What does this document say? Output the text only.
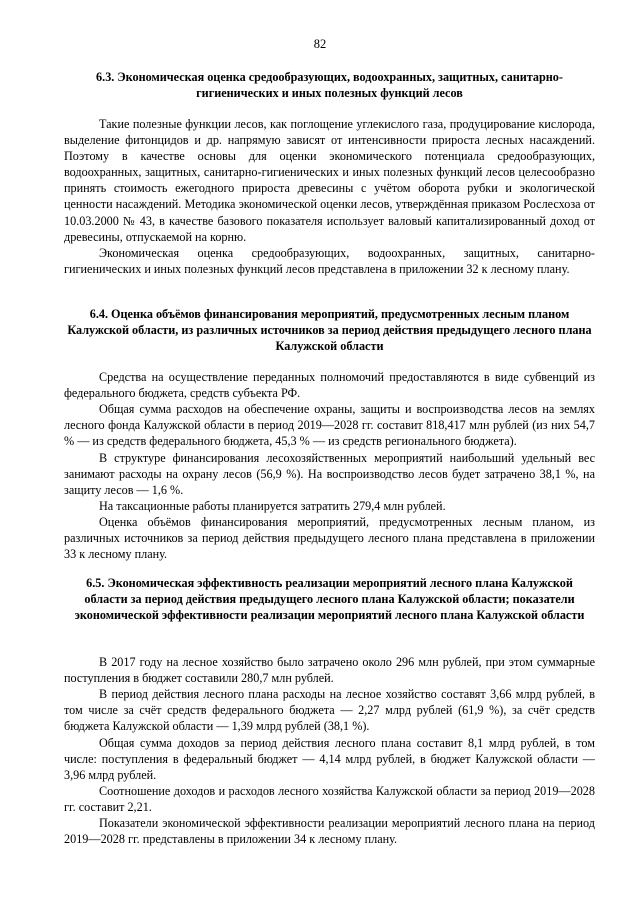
82
6.3. Экономическая оценка средообразующих, водоохранных, защитных, санитарно-гигиенических и иных полезных функций лесов

Такие полезные функции лесов, как поглощение углекислого газа, продуцирование кислорода, выделение фитонцидов и др. напрямую зависят от интенсивности прироста лесных насаждений. Поэтому в качестве основы для оценки экономического потенциала средообразующих, водоохранных, защитных, санитарно-гигиенических и иных полезных функций лесов целесообразно принять стоимость ежегодного прироста древесины с учётом оборота рубки и экологической ценности насаждений. Методика экономической оценки лесов, утверждённая приказом Рослесхоза от 10.03.2000 № 43, в качестве базового показателя использует валовый капитализированный доход от древесины, отпускаемой на корню.

Экономическая оценка средообразующих, водоохранных, защитных, санитарно-гигиенических и иных полезных функций лесов представлена в приложении 32 к лесному плану.

6.4. Оценка объёмов финансирования мероприятий, предусмотренных лесным планом Калужской области, из различных источников за период действия предыдущего лесного плана Калужской области

Средства на осуществление переданных полномочий предоставляются в виде субвенций из федерального бюджета, средств субъекта РФ.

Общая сумма расходов на обеспечение охраны, защиты и воспроизводства лесов на землях лесного фонда Калужской области в период 2019—2028 гг. составит 818,417 млн рублей (из них 54,7 % — из средств федерального бюджета, 45,3 % — из средств регионального бюджета).

В структуре финансирования лесохозяйственных мероприятий наибольший удельный вес занимают расходы на охрану лесов (56,9 %). На воспроизводство лесов будет затрачено 38,1 %, на защиту лесов — 1,6 %.

На таксационные работы планируется затратить 279,4 млн рублей.

Оценка объёмов финансирования мероприятий, предусмотренных лесным планом, из различных источников за период действия предыдущего лесного плана представлена в приложении 33 к лесному плану.

6.5. Экономическая эффективность реализации мероприятий лесного плана Калужской области за период действия предыдущего лесного плана Калужской области; показатели экономической эффективности реализации мероприятий лесного плана Калужской области

В 2017 году на лесное хозяйство было затрачено около 296 млн рублей, при этом суммарные поступления в бюджет составили 280,7 млн рублей.

В период действия лесного плана расходы на лесное хозяйство составят 3,66 млрд рублей, в том числе за счёт средств федерального бюджета — 2,27 млрд рублей (61,9 %), за счёт средств бюджета Калужской области — 1,39 млрд рублей (38,1 %).

Общая сумма доходов за период действия лесного плана составит 8,1 млрд рублей, в том числе: поступления в федеральный бюджет — 4,14 млрд рублей, в бюджет Калужской области — 3,96 млрд рублей.

Соотношение доходов и расходов лесного хозяйства Калужской области за период 2019—2028 гг. составит 2,21.

Показатели экономической эффективности реализации мероприятий лесного плана на период 2019—2028 гг. представлены в приложении 34 к лесному плану.
